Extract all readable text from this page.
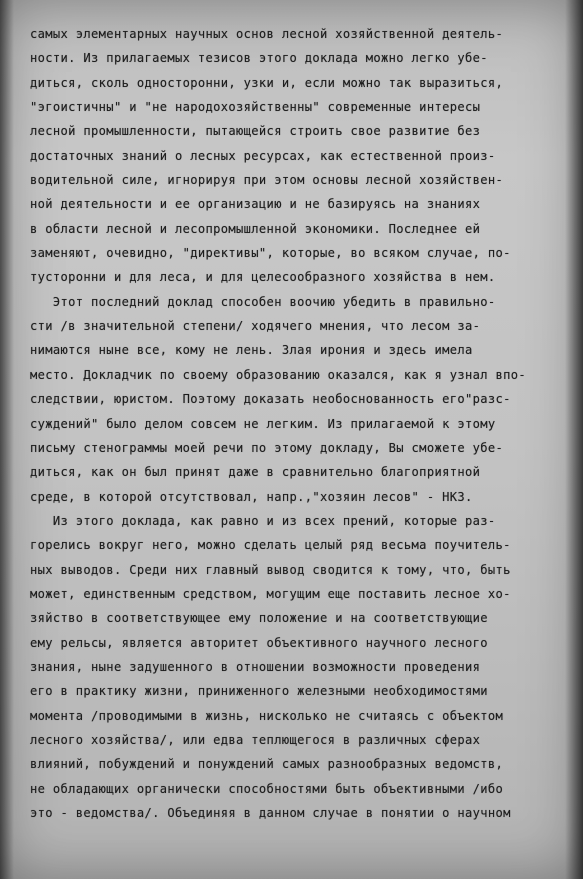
самых элементарных научных основ лесной хозяйственной деятель-
ности. Из прилагаемых тезисов этого доклада можно легко убе-
диться, сколь односторонни, узки и, если можно так выразиться,
"эгоистичны" и "не народохозяйственны" современные интересы
лесной промышленности, пытающейся строить свое развитие без
достаточных знаний о лесных ресурсах, как естественной произ-
водительной силе, игнорируя при этом основы лесной хозяйствен-
ной деятельности и ее организацию и не базируясь на знаниях
в области лесной и лесопромышленной экономики. Последнее ей
заменяют, очевидно, "директивы", которые, во всяком случае, по-
тусторонни и для леса, и для целесообразного хозяйства в нем.
Этот последний доклад способен воочию убедить в правильно-
сти /в значительной степени/ ходячего мнения, что лесом за-
нимаются ныне все, кому не лень. Злая ирония и здесь имела
место. Докладчик по своему образованию оказался, как я узнал впо-
следствии, юристом. Поэтому доказать необоснованность его"разс-
суждений" было делом совсем не легким. Из прилагаемой к этому
письму стенограммы моей речи по этому докладу, Вы сможете убе-
диться, как он был принят даже в сравнительно благоприятной
среде, в которой отсутствовал, напр.,"хозяин лесов" - НКЗ.
Из этого доклада, как равно и из всех прений, которые раз-
горелись вокруг него, можно сделать целый ряд весьма поучитель-
ных выводов. Среди них главный вывод сводится к тому, что, быть
может, единственным средством, могущим еще поставить лесное хо-
зяйство в соответствующее ему положение и на соответствующие
ему рельсы, является авторитет объективного научного лесного
знания, ныне задушенного в отношении возможности проведения
его в практику жизни, приниженного железными необходимостями
момента /проводимыми в жизнь, нисколько не считаясь с объектом
лесного хозяйства/, или едва теплющегося в различных сферах
влияний, побуждений и понуждений самых разнообразных ведомств,
не обладающих органически способностями быть объективными /ибо
это - ведомства/. Объединяя в данном случае в понятии о научном
